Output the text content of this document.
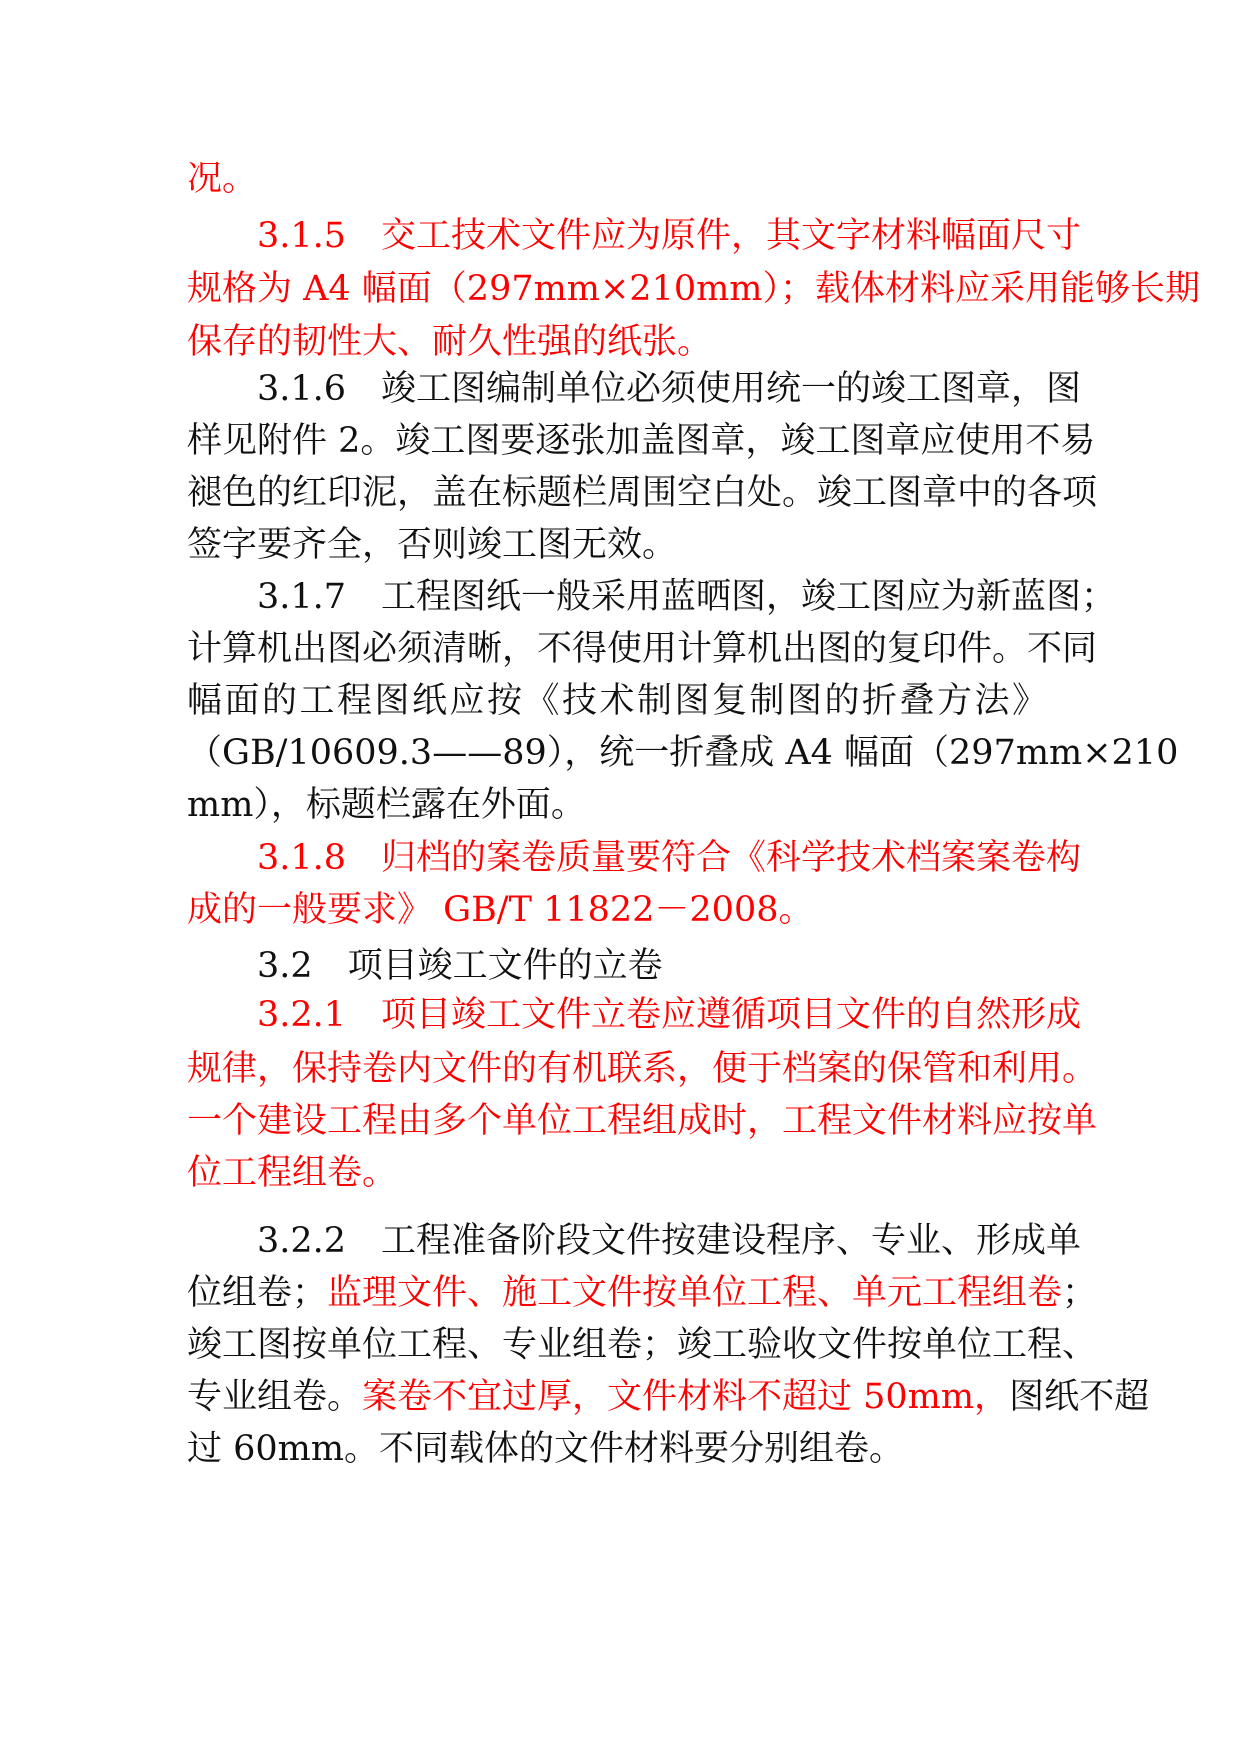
况。
3.1.5　交工技术文件应为原件，其文字材料幅面尺寸
规格为 A4 幅面（297mm×210mm）；载体材料应采用能够长期
保存的韧性大、耐久性强的纸张。
3.1.6　竣工图编制单位必须使用统一的竣工图章，图
样见附件 2。竣工图要逐张加盖图章，竣工图章应使用不易
褪色的红印泥，盖在标题栏周围空白处。竣工图章中的各项
签字要齐全，否则竣工图无效。
3.1.7　工程图纸一般采用蓝晒图，竣工图应为新蓝图；
计算机出图必须清晰，不得使用计算机出图的复印件。不同
幅面的工程图纸应按《技术制图复制图的折叠方法》
（GB/10609.3——89），统一折叠成 A4 幅面（297mm×210
mm），标题栏露在外面。
3.1.8　归档的案卷质量要符合《科学技术档案案卷构
成的一般要求》 GB/T 11822－2008。
3.2　项目竣工文件的立卷
3.2.1　项目竣工文件立卷应遵循项目文件的自然形成
规律，保持卷内文件的有机联系，便于档案的保管和利用。
一个建设工程由多个单位工程组成时，工程文件材料应按单
位工程组卷。
3.2.2　工程准备阶段文件按建设程序、专业、形成单
位组卷；监理文件、施工文件按单位工程、单元工程组卷；
竣工图按单位工程、专业组卷；竣工验收文件按单位工程、
专业组卷。案卷不宜过厚，文件材料不超过 50mm，图纸不超
过 60mm。不同载体的文件材料要分别组卷。
